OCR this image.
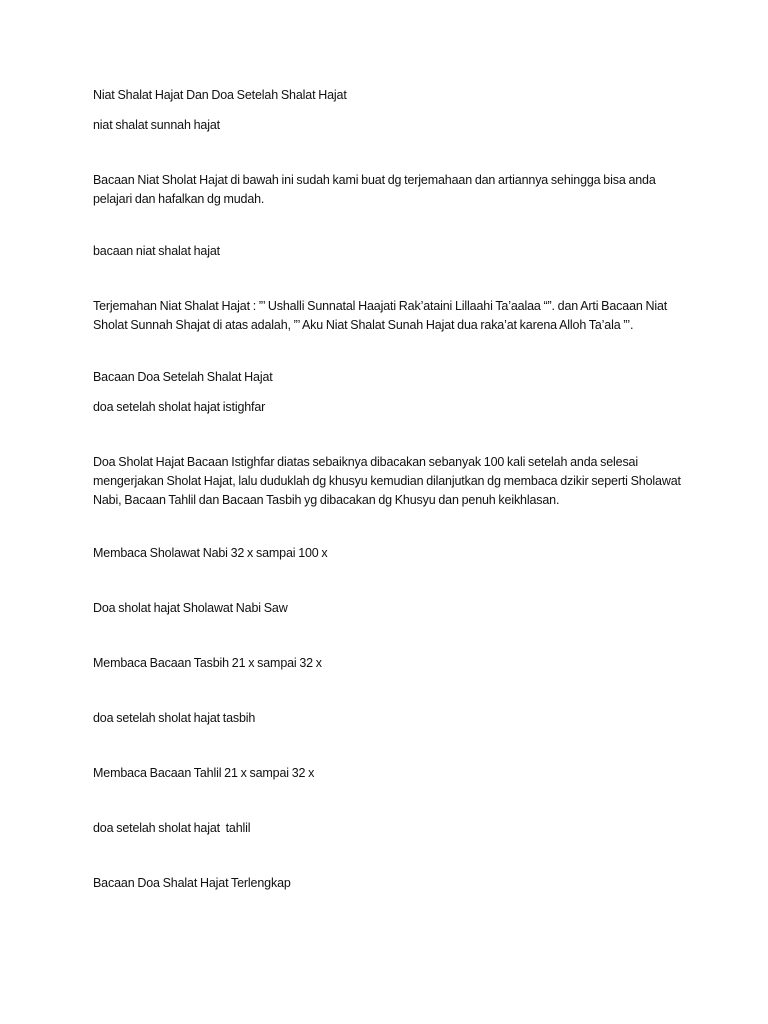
Niat Shalat Hajat Dan Doa Setelah Shalat Hajat

niat shalat sunnah hajat

Bacaan Niat Sholat Hajat di bawah ini sudah kami buat dg terjemahaan dan artiannya sehingga bisa anda pelajari dan hafalkan dg mudah.

bacaan niat shalat hajat

Terjemahan Niat Shalat Hajat : ”’ Ushalli Sunnatal Haajati Rak’ataini Lillaahi Ta’aalaa “”. dan Arti Bacaan Niat Sholat Sunnah Shajat di atas adalah, ”’ Aku Niat Shalat Sunah Hajat dua raka’at karena Alloh Ta’ala ”’.

Bacaan Doa Setelah Shalat Hajat

doa setelah sholat hajat istighfar

Doa Sholat Hajat Bacaan Istighfar diatas sebaiknya dibacakan sebanyak 100 kali setelah anda selesai mengerjakan Sholat Hajat, lalu duduklah dg khusyu kemudian dilanjutkan dg membaca dzikir seperti Sholawat Nabi, Bacaan Tahlil dan Bacaan Tasbih yg dibacakan dg Khusyu dan penuh keikhlasan.

Membaca Sholawat Nabi 32 x sampai 100 x

Doa sholat hajat Sholawat Nabi Saw

Membaca Bacaan Tasbih 21 x sampai 32 x

doa setelah sholat hajat tasbih

Membaca Bacaan Tahlil 21 x sampai 32 x

doa setelah sholat hajat  tahlil

Bacaan Doa Shalat Hajat Terlengkap
